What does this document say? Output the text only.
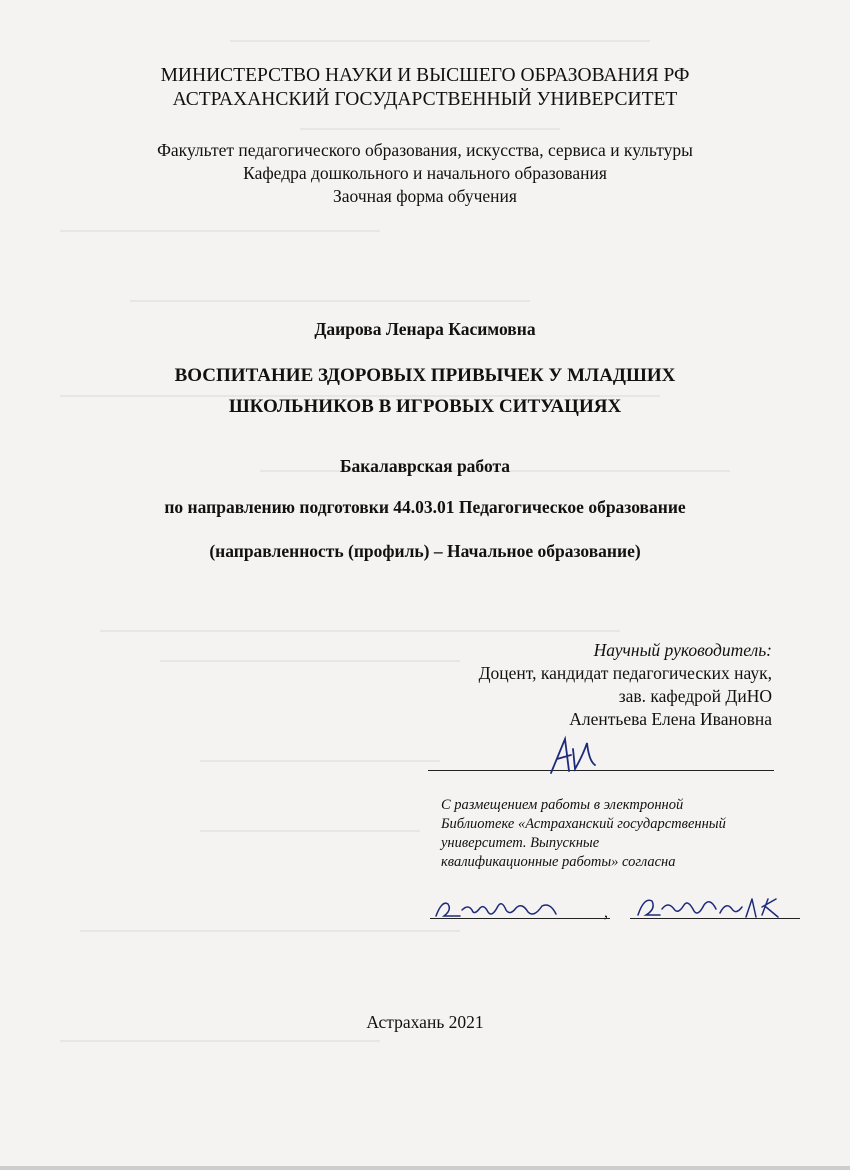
МИНИСТЕРСТВО НАУКИ И ВЫСШЕГО ОБРАЗОВАНИЯ РФ
АСТРАХАНСКИЙ ГОСУДАРСТВЕННЫЙ УНИВЕРСИТЕТ
Факультет педагогического образования, искусства, сервиса и культуры
Кафедра дошкольного и начального образования
Заочная форма обучения
Даирова Ленара Касимовна
ВОСПИТАНИЕ ЗДОРОВЫХ ПРИВЫЧЕК У МЛАДШИХ
ШКОЛЬНИКОВ В ИГРОВЫХ СИТУАЦИЯХ
Бакалаврская работа
по направлению подготовки 44.03.01 Педагогическое образование
(направленность (профиль) – Начальное образование)
Научный руководитель:
Доцент, кандидат педагогических наук,
зав. кафедрой ДиНО
Алентьева Елена Ивановна
С размещением работы в электронной
Библиотеке «Астраханский государственный
университет. Выпускные
квалификационные работы» согласна
,
Астрахань 2021
